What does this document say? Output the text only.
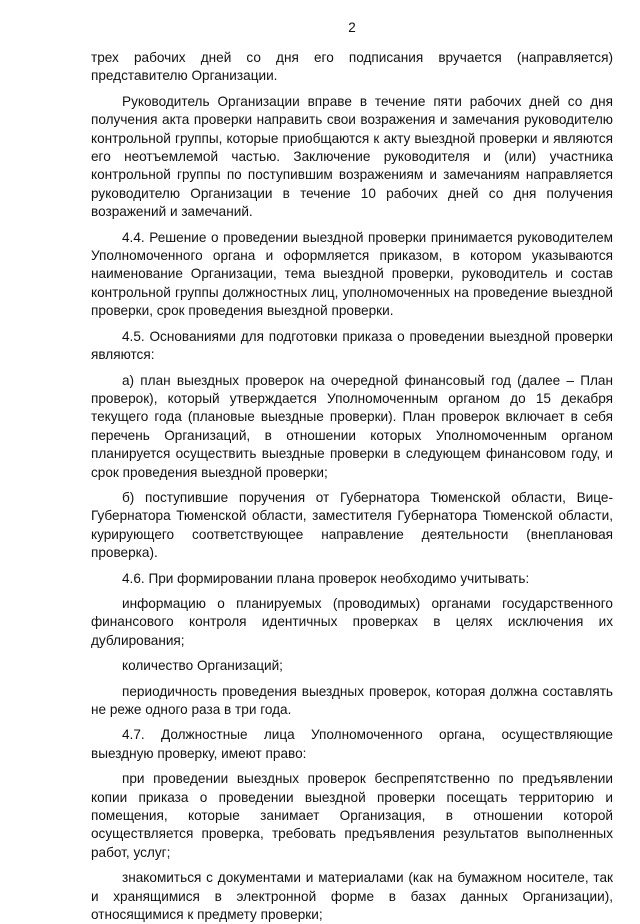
2

трех рабочих дней со дня его подписания вручается (направляется) представителю Организации.

Руководитель Организации вправе в течение пяти рабочих дней со дня получения акта проверки направить свои возражения и замечания руководителю контрольной группы, которые приобщаются к акту выездной проверки и являются его неотъемлемой частью. Заключение руководителя и (или) участника контрольной группы по поступившим возражениям и замечаниям направляется руководителю Организации в течение 10 рабочих дней со дня получения возражений и замечаний.

4.4. Решение о проведении выездной проверки принимается руководителем Уполномоченного органа и оформляется приказом, в котором указываются наименование Организации, тема выездной проверки, руководитель и состав контрольной группы должностных лиц, уполномоченных на проведение выездной проверки, срок проведения выездной проверки.

4.5. Основаниями для подготовки приказа о проведении выездной проверки являются:

а) план выездных проверок на очередной финансовый год (далее – План проверок), который утверждается Уполномоченным органом до 15 декабря текущего года (плановые выездные проверки). План проверок включает в себя перечень Организаций, в отношении которых Уполномоченным органом планируется осуществить выездные проверки в следующем финансовом году, и срок проведения выездной проверки;

б) поступившие поручения от Губернатора Тюменской области, Вице-Губернатора Тюменской области, заместителя Губернатора Тюменской области, курирующего соответствующее направление деятельности (внеплановая проверка).

4.6. При формировании плана проверок необходимо учитывать:

информацию о планируемых (проводимых) органами государственного финансового контроля идентичных проверках в целях исключения их дублирования;

количество Организаций;

периодичность проведения выездных проверок, которая должна составлять не реже одного раза в три года.

4.7. Должностные лица Уполномоченного органа, осуществляющие выездную проверку, имеют право:

при проведении выездных проверок беспрепятственно по предъявлении копии приказа о проведении выездной проверки посещать территорию и помещения, которые занимает Организация, в отношении которой осуществляется проверка, требовать предъявления результатов выполненных работ, услуг;

знакомиться с документами и материалами (как на бумажном носителе, так и хранящимися в электронной форме в базах данных Организации), относящимися к предмету проверки;
